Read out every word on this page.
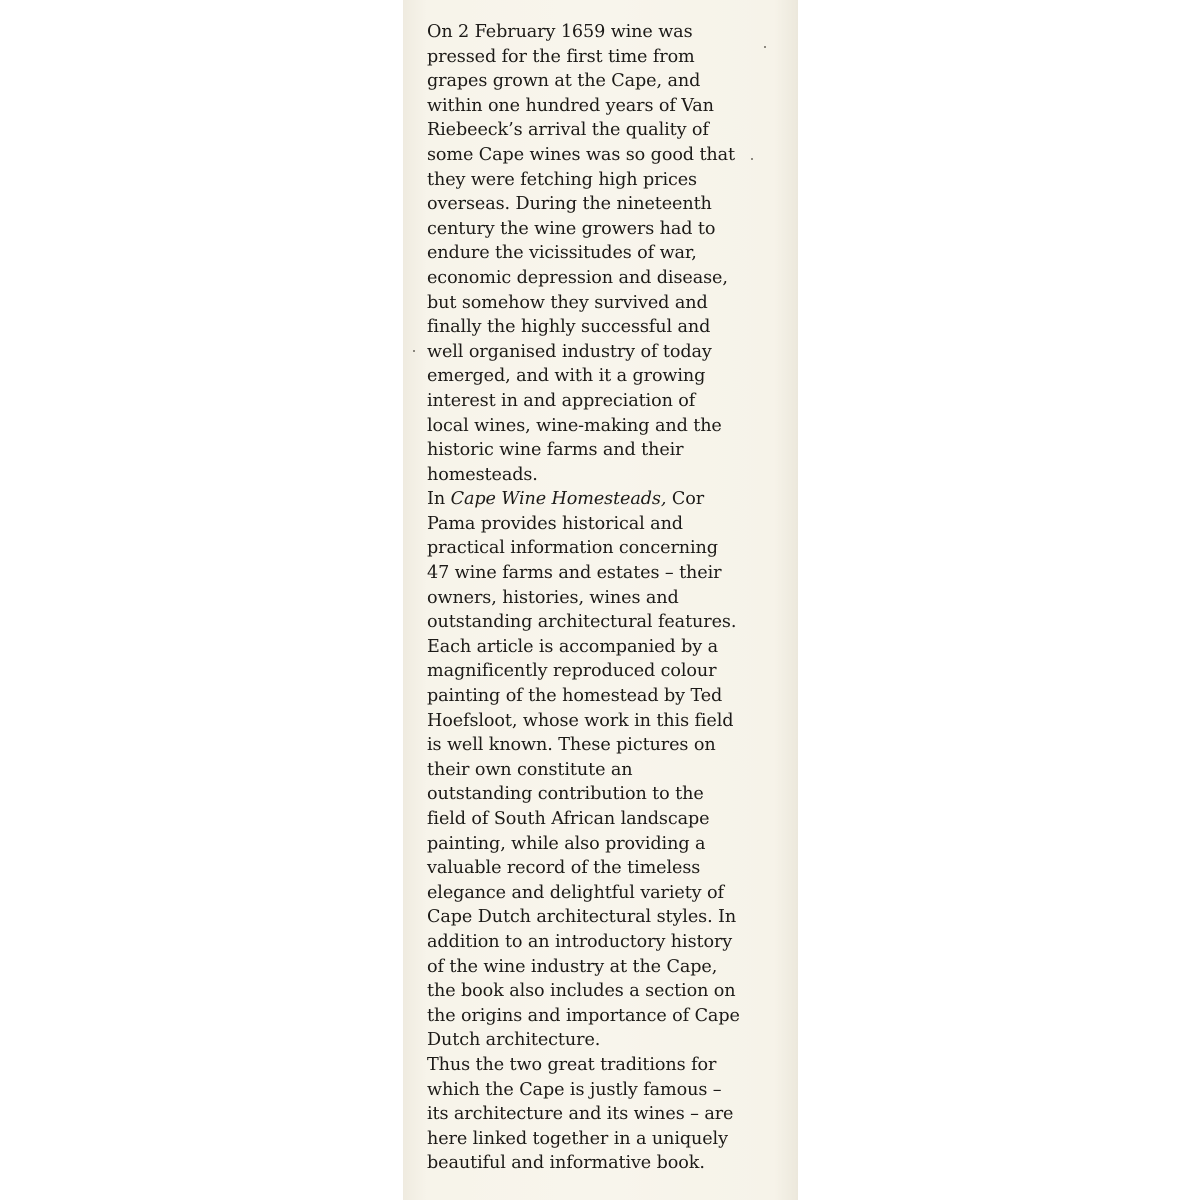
On 2 February 1659 wine was
pressed for the first time from
grapes grown at the Cape, and
within one hundred years of Van
Riebeeck’s arrival the quality of
some Cape wines was so good that
they were fetching high prices
overseas. During the nineteenth
century the wine growers had to
endure the vicissitudes of war,
economic depression and disease,
but somehow they survived and
finally the highly successful and
well organised industry of today
emerged, and with it a growing
interest in and appreciation of
local wines, wine-making and the
historic wine farms and their
homesteads.

In Cape Wine Homesteads, Cor
Pama provides historical and
practical information concerning
47 wine farms and estates – their
owners, histories, wines and
outstanding architectural features.
Each article is accompanied by a
magnificently reproduced colour
painting of the homestead by Ted
Hoefsloot, whose work in this field
is well known. These pictures on
their own constitute an
outstanding contribution to the
field of South African landscape
painting, while also providing a
valuable record of the timeless
elegance and delightful variety of
Cape Dutch architectural styles. In
addition to an introductory history
of the wine industry at the Cape,
the book also includes a section on
the origins and importance of Cape
Dutch architecture.

Thus the two great traditions for
which the Cape is justly famous –
its architecture and its wines – are
here linked together in a uniquely
beautiful and informative book.
